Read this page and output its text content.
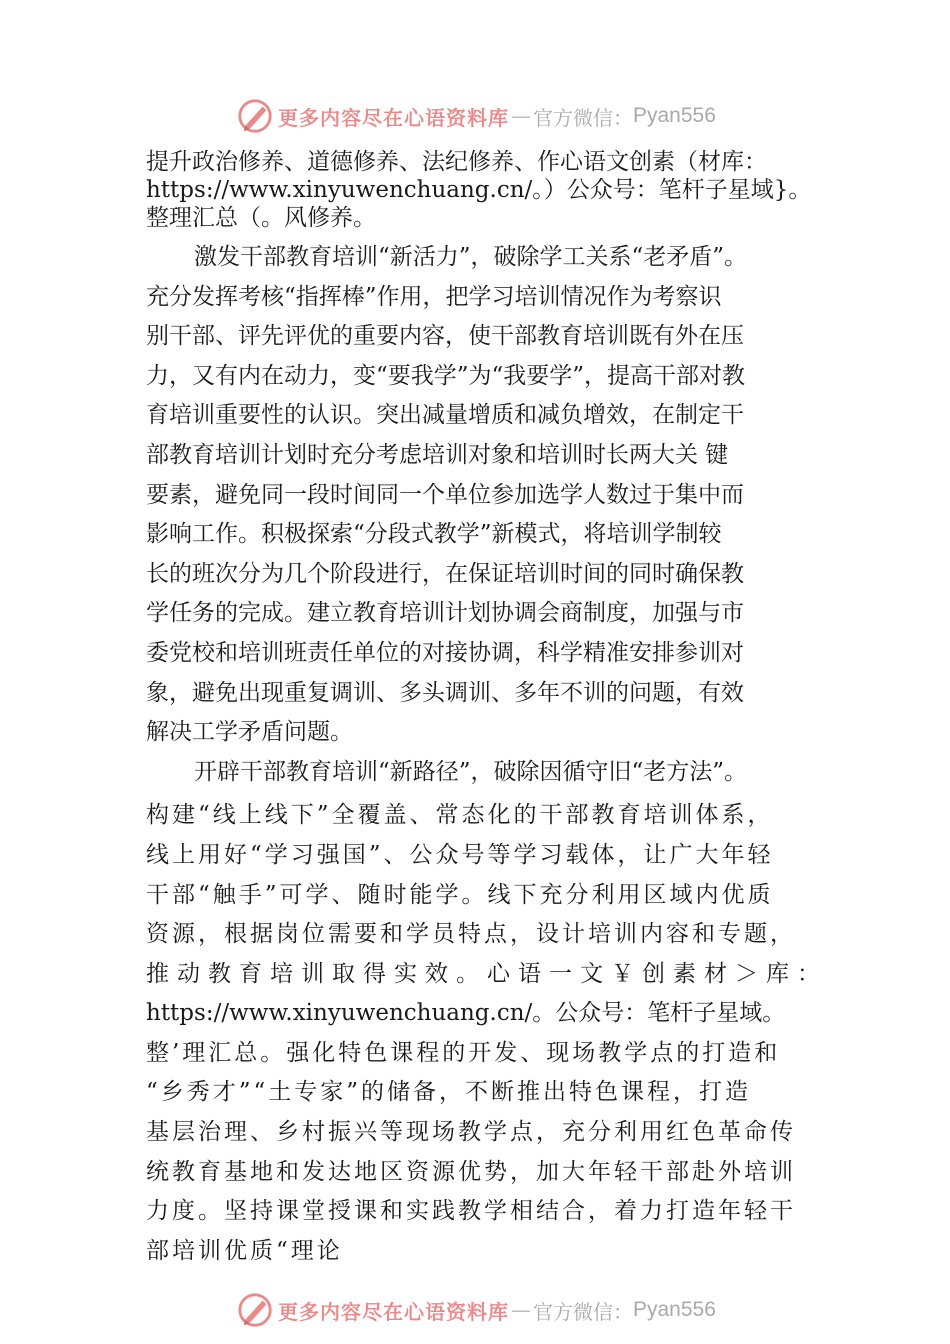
更多内容尽在心语资料库 — 官方微信： Pyan556
提升政治修养、道德修养、法纪修养、作心语文创素（材库：
https://www.xinyuwenchuang.cn/。）公众号：笔杆子星域}。
整理汇总（。风修养。
激发干部教育培训“新活力”，破除学工关系“老矛盾”。
充分发挥考核“指挥棒”作用，把学习培训情况作为考察识
别干部、评先评优的重要内容，使干部教育培训既有外在压
力，又有内在动力，变“要我学”为“我要学”，提高干部对教
育培训重要性的认识。突出减量增质和减负增效，在制定干
部教育培训计划时充分考虑培训对象和培训时长两大关 键
要素，避免同一段时间同一个单位参加选学人数过于集中而
影响工作。积极探索“分段式教学”新模式，将培训学制较
长的班次分为几个阶段进行，在保证培训时间的同时确保教
学任务的完成。建立教育培训计划协调会商制度，加强与市
委党校和培训班责任单位的对接协调，科学精准安排参训对
象，避免出现重复调训、多头调训、多年不训的问题，有效
解决工学矛盾问题。
开辟干部教育培训“新路径”，破除因循守旧“老方法”。
构建“线上线下”全覆盖、常态化的干部教育培训体系，
线上用好“学习强国”、公众号等学习载体，让广大年轻
干部“触手”可学、随时能学。线下充分利用区域内优质
资源，根据岗位需要和学员特点，设计培训内容和专题，
推动教育培训取得实效。心语一文￥创素材＞库：
https://www.xinyuwenchuang.cn/。公众号：笔杆子星域。
整’理汇总。强化特色课程的开发、现场教学点的打造和
“乡秀才”“土专家”的储备，不断推出特色课程，打造
基层治理、乡村振兴等现场教学点，充分利用红色革命传
统教育基地和发达地区资源优势，加大年轻干部赴外培训
力度。坚持课堂授课和实践教学相结合，着力打造年轻干
部培训优质“理论
更多内容尽在心语资料库 — 官方微信： Pyan556
